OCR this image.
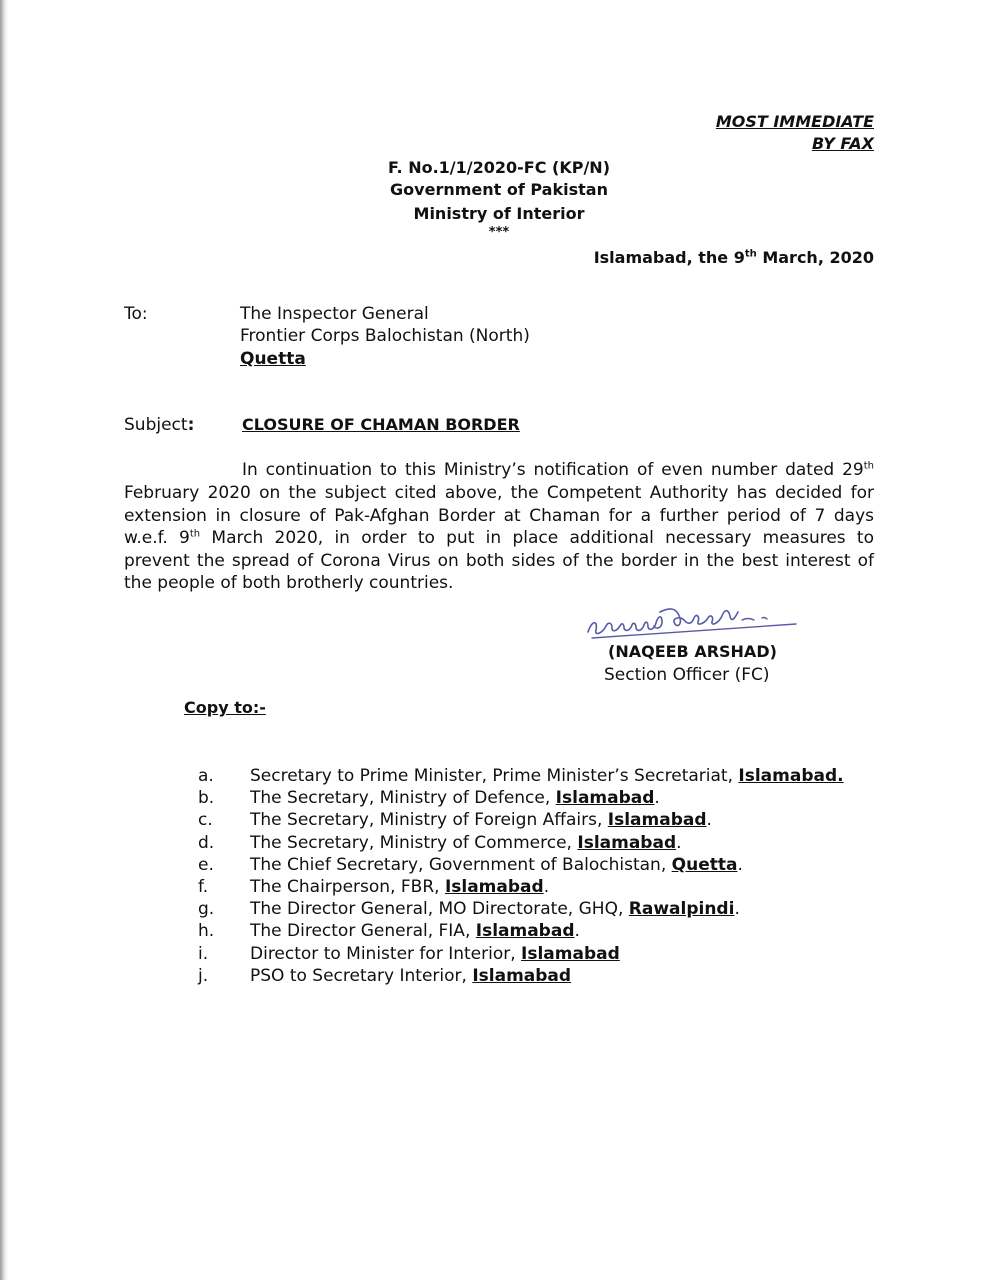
MOST IMMEDIATE
BY FAX
F. No.1/1/2020-FC (KP/N)
Government of Pakistan
Ministry of Interior
***
Islamabad, the 9th March, 2020
To:	The Inspector General
Frontier Corps Balochistan (North)
Quetta
Subject:	CLOSURE OF CHAMAN BORDER
In continuation to this Ministry’s notification of even number dated 29th
February 2020 on the subject cited above, the Competent Authority has decided for
extension in closure of Pak-Afghan Border at Chaman for a further period of 7 days
w.e.f. 9th March 2020, in order to put in place additional necessary measures to
prevent the spread of Corona Virus on both sides of the border in the best interest of
the people of both brotherly countries.
(NAQEEB ARSHAD)
Section Officer (FC)
Copy to:-
a. Secretary to Prime Minister, Prime Minister’s Secretariat, Islamabad.
b. The Secretary, Ministry of Defence, Islamabad.
c. The Secretary, Ministry of Foreign Affairs, Islamabad.
d. The Secretary, Ministry of Commerce, Islamabad.
e. The Chief Secretary, Government of Balochistan, Quetta.
f. The Chairperson, FBR, Islamabad.
g. The Director General, MO Directorate, GHQ, Rawalpindi.
h. The Director General, FIA, Islamabad.
i. Director to Minister for Interior, Islamabad
j. PSO to Secretary Interior, Islamabad
